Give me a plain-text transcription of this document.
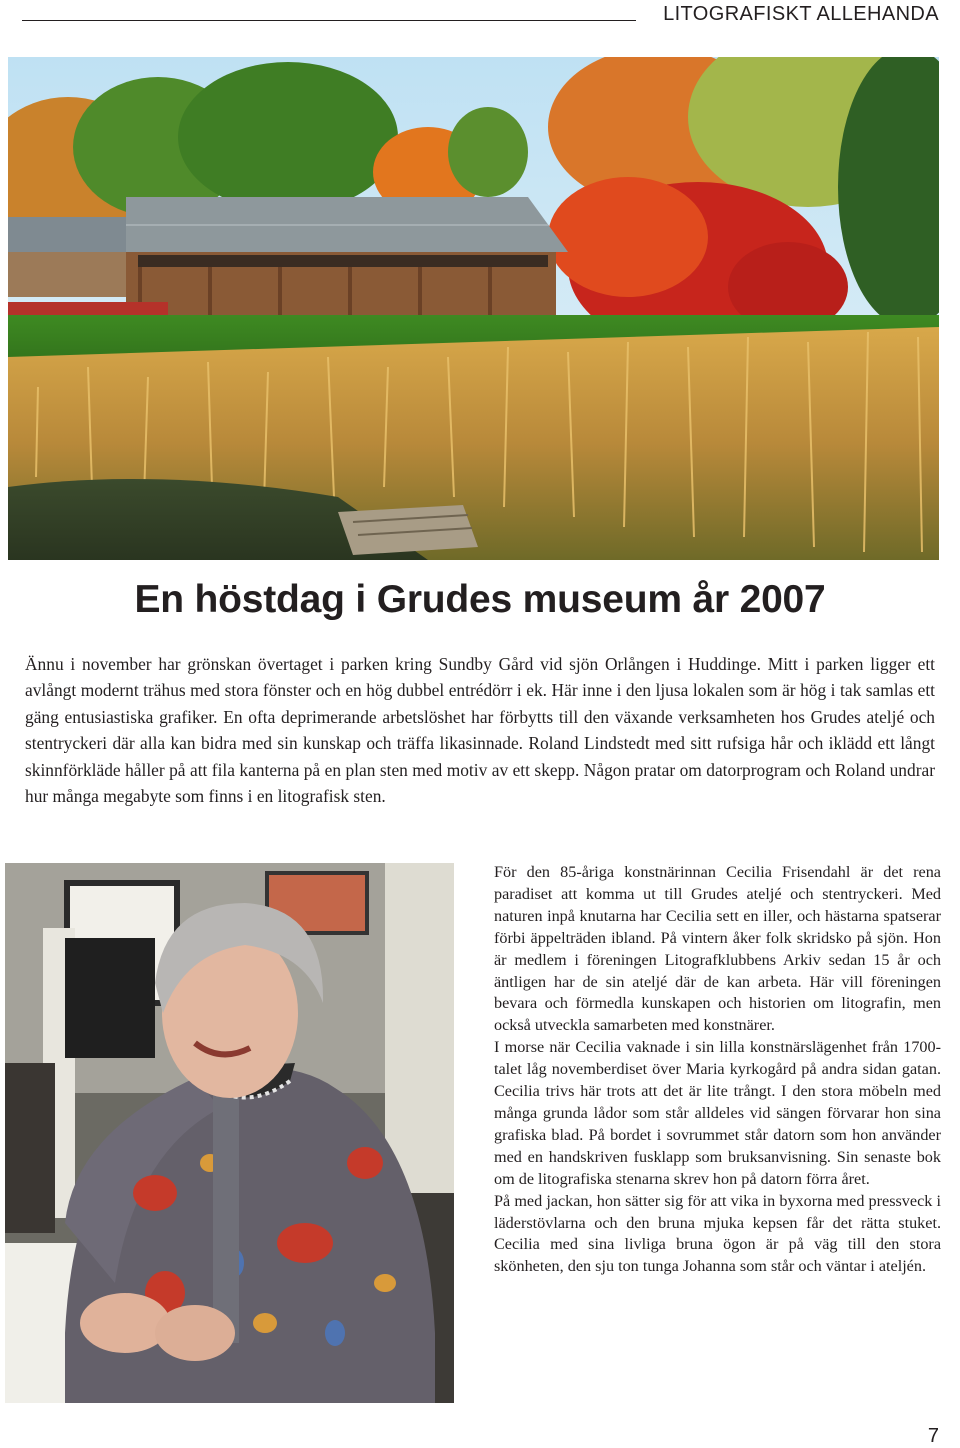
LITOGRAFISKT ALLEHANDA
En höstdag i Grudes museum år 2007

Ännu i november har grönskan övertaget i parken kring Sundby Gård vid sjön Orlången i Huddinge. Mitt i parken ligger ett avlångt modernt trähus med stora fönster och en hög dubbel entrédörr i ek. Här inne i den ljusa lokalen som är hög i tak samlas ett gäng entusiastiska grafiker. En ofta deprimerande arbetslöshet har förbytts till den växande verksamheten hos Grudes ateljé och stentryckeri där alla kan bidra med sin kunskap och träffa likasinnade. Roland Lindstedt med sitt rufsiga hår och iklädd ett långt skinnförkläde håller på att fila kanterna på en plan sten med motiv av ett skepp. Någon pratar om datorprogram och Roland undrar hur många megabyte som finns i en litografisk sten.

För den 85-åriga konstnärinnan Cecilia Frisendahl är det rena paradiset att komma ut till Grudes ateljé och stentryckeri. Med naturen inpå knutarna har Cecilia sett en iller, och hästarna spatserar förbi äppelträden ibland. På vintern åker folk skridsko på sjön. Hon är medlem i föreningen Litografklubbens Arkiv sedan 15 år och äntligen har de sin ateljé där de kan arbeta. Här vill föreningen bevara och förmedla kunskapen och historien om litografin, men också utveckla samarbeten med konstnärer.

I morse när Cecilia vaknade i sin lilla konstnärslägenhet från 1700-talet låg novemberdiset över Maria kyrkogård på andra sidan gatan. Cecilia trivs här trots att det är lite trångt. I den stora möbeln med många grunda lådor som står alldeles vid sängen förvarar hon sina grafiska blad. På bordet i sovrummet står datorn som hon använder med en handskriven fusklapp som bruksanvisning. Sin senaste bok om de litografiska stenarna skrev hon på datorn förra året.

På med jackan, hon sätter sig för att vika in byxorna med pressveck i läderstövlarna och den bruna mjuka kepsen får det rätta stuket. Cecilia med sina livliga bruna ögon är på väg till den stora skönheten, den sju ton tunga Johanna som står och väntar i ateljén.

7
